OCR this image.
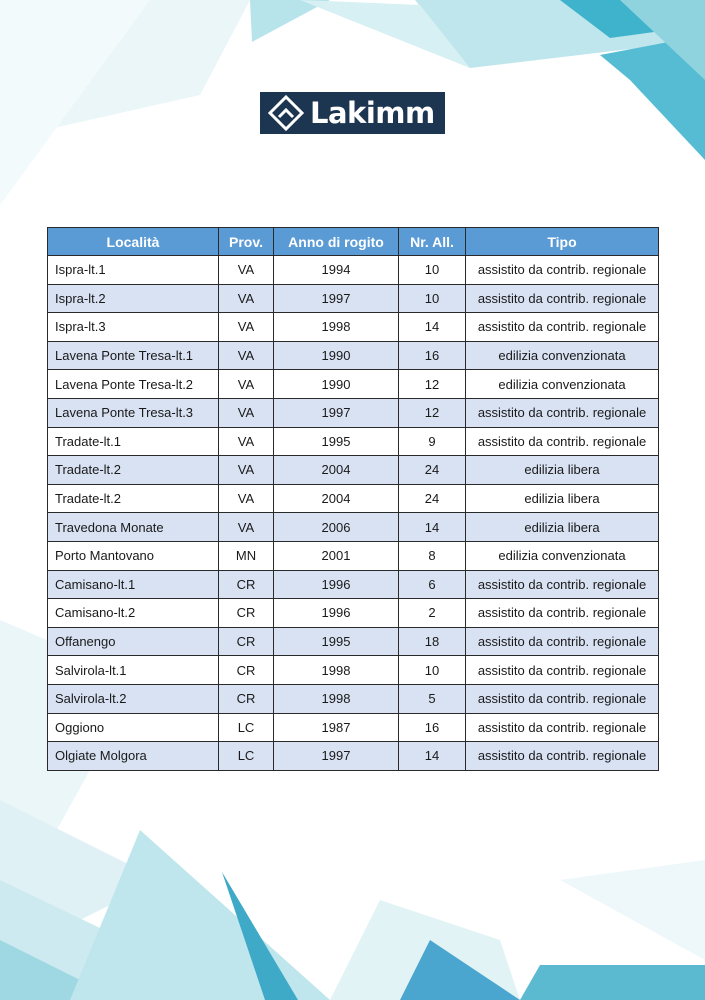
Lakimm
Località	Prov.	Anno di rogito	Nr. All.	Tipo
Ispra-lt.1	VA	1994	10	assistito da contrib. regionale
Ispra-lt.2	VA	1997	10	assistito da contrib. regionale
Ispra-lt.3	VA	1998	14	assistito da contrib. regionale
Lavena Ponte Tresa-lt.1	VA	1990	16	edilizia convenzionata
Lavena Ponte Tresa-lt.2	VA	1990	12	edilizia convenzionata
Lavena Ponte Tresa-lt.3	VA	1997	12	assistito da contrib. regionale
Tradate-lt.1	VA	1995	9	assistito da contrib. regionale
Tradate-lt.2	VA	2004	24	edilizia libera
Tradate-lt.2	VA	2004	24	edilizia libera
Travedona Monate	VA	2006	14	edilizia libera
Porto Mantovano	MN	2001	8	edilizia convenzionata
Camisano-lt.1	CR	1996	6	assistito da contrib. regionale
Camisano-lt.2	CR	1996	2	assistito da contrib. regionale
Offanengo	CR	1995	18	assistito da contrib. regionale
Salvirola-lt.1	CR	1998	10	assistito da contrib. regionale
Salvirola-lt.2	CR	1998	5	assistito da contrib. regionale
Oggiono	LC	1987	16	assistito da contrib. regionale
Olgiate Molgora	LC	1997	14	assistito da contrib. regionale
